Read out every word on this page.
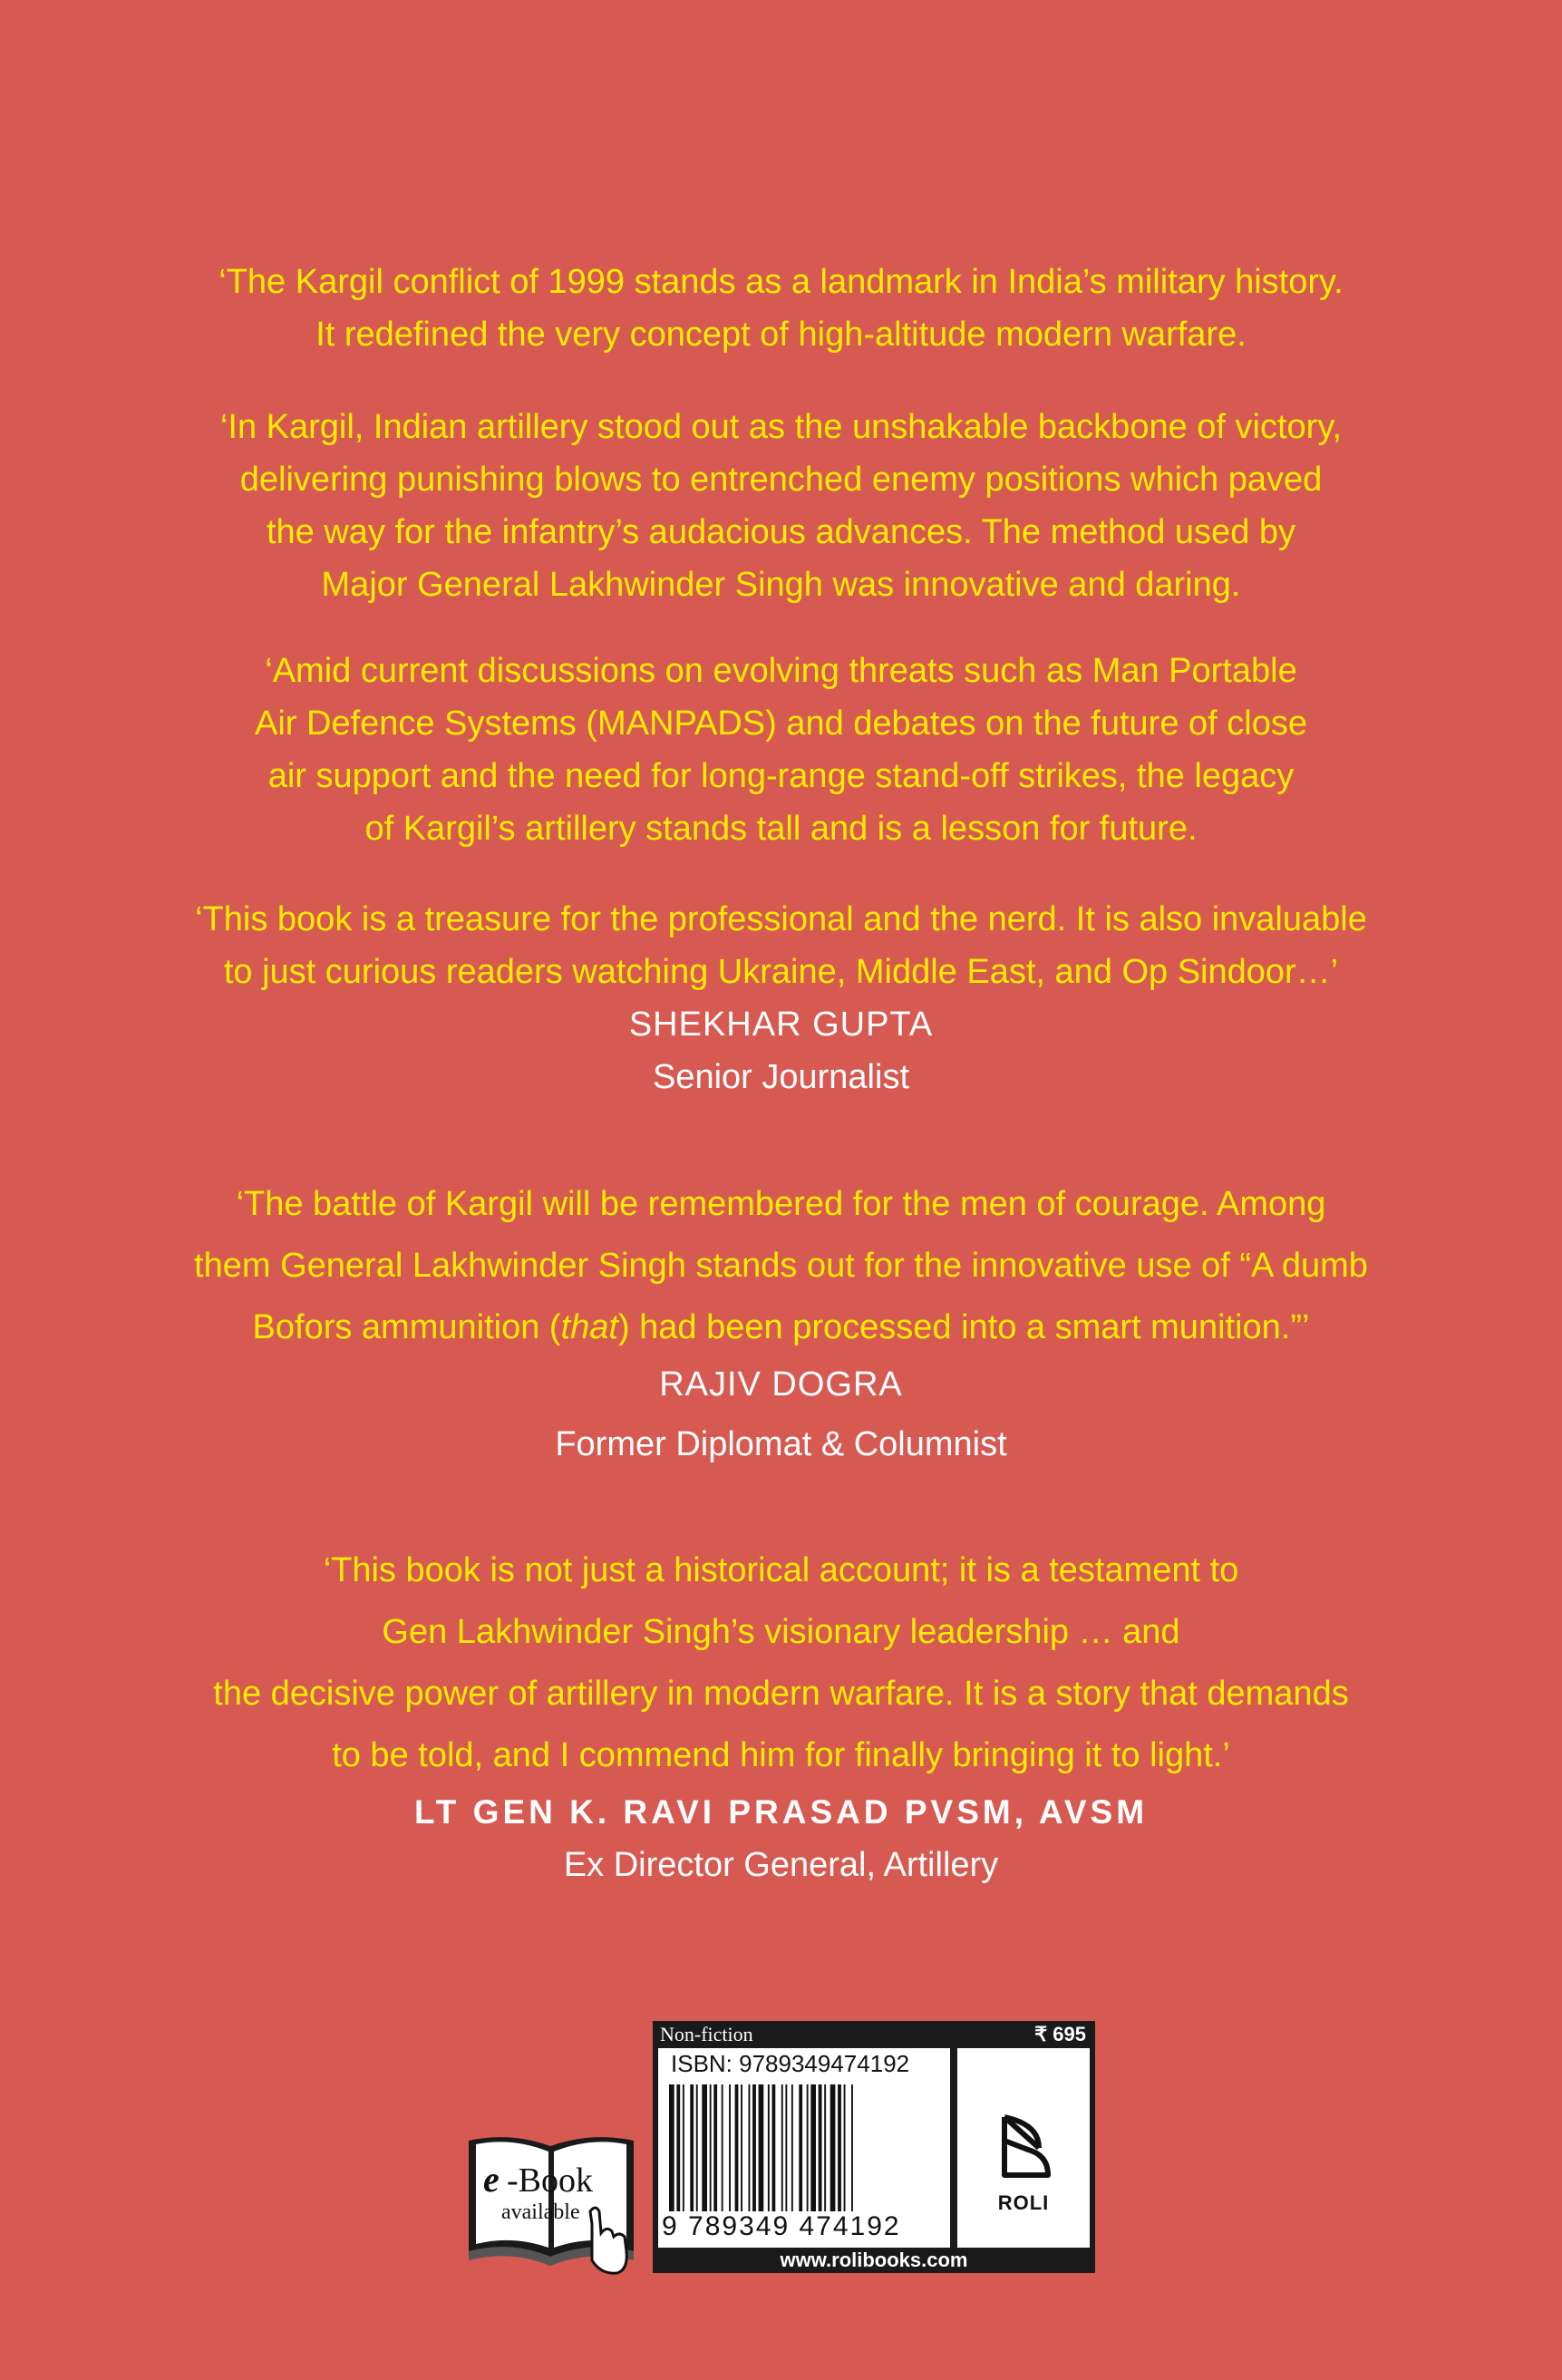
‘The Kargil conflict of 1999 stands as a landmark in India’s military history.
It redefined the very concept of high-altitude modern warfare.
‘In Kargil, Indian artillery stood out as the unshakable backbone of victory,
delivering punishing blows to entrenched enemy positions which paved
the way for the infantry’s audacious advances. The method used by
Major General Lakhwinder Singh was innovative and daring.
‘Amid current discussions on evolving threats such as Man Portable
Air Defence Systems (MANPADS) and debates on the future of close
air support and the need for long-range stand-off strikes, the legacy
of Kargil’s artillery stands tall and is a lesson for future.
‘This book is a treasure for the professional and the nerd. It is also invaluable
to just curious readers watching Ukraine, Middle East, and Op Sindoor…’
SHEKHAR GUPTA
Senior Journalist
‘The battle of Kargil will be remembered for the men of courage. Among
them General Lakhwinder Singh stands out for the innovative use of “A dumb
Bofors ammunition (that) had been processed into a smart munition.”’
RAJIV DOGRA
Former Diplomat & Columnist
‘This book is not just a historical account; it is a testament to
Gen Lakhwinder Singh’s visionary leadership … and
the decisive power of artillery in modern warfare. It is a story that demands
to be told, and I commend him for finally bringing it to light.’
LT GEN K. RAVI PRASAD PVSM, AVSM
Ex Director General, Artillery
e -Book
available
Non-fiction	₹ 695
ISBN: 9789349474192
9 789349 474192
ROLI
www.rolibooks.com
